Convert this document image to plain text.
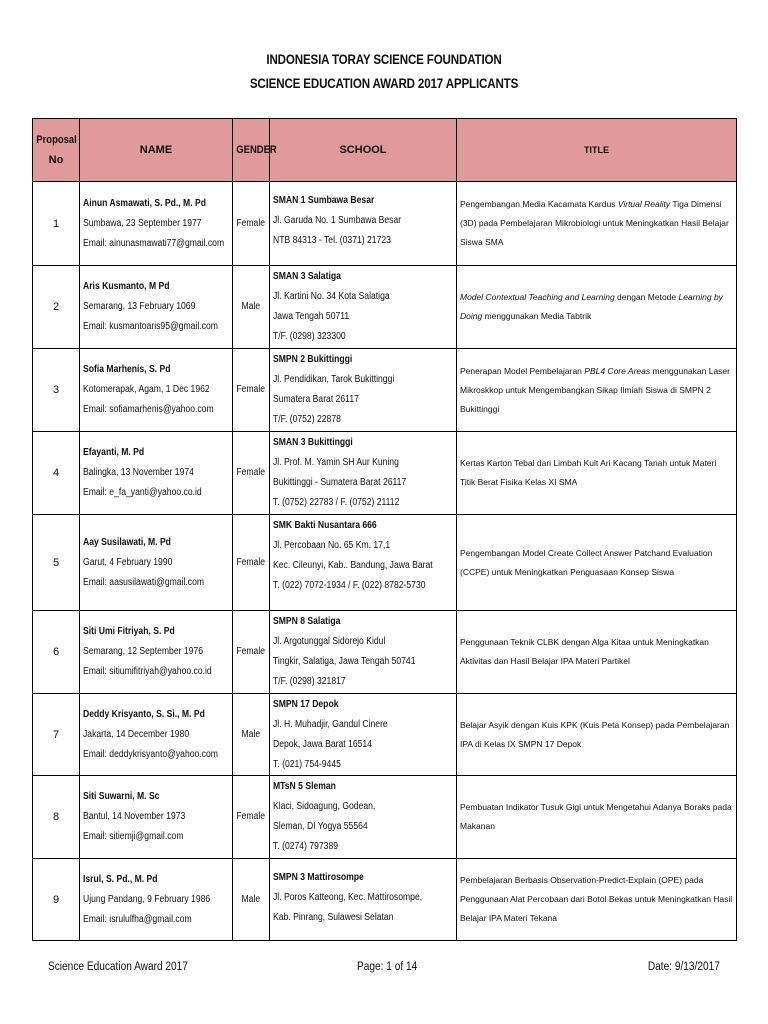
INDONESIA TORAY SCIENCE FOUNDATION
SCIENCE EDUCATION AWARD 2017 APPLICANTS
Proposal
No	NAME	GENDER	SCHOOL	TITLE
1	Ainun Asmawati, S. Pd., M. Pd
Sumbawa, 23 September 1977
Email: ainunasmawati77@gmail.com	Female	SMAN 1 Sumbawa Besar
Jl. Garuda No. 1 Sumbawa Besar
NTB 84313 - Tel. (0371) 21723	Pengembangan Media Kacamata Kardus Virtual Reality Tiga Dimensi (3D) pada Pembelajaran Mikrobiologi untuk Meningkatkan Hasil Belajar Siswa SMA

2	Aris Kusmanto, M Pd
Semarang, 13 February 1069
Email: kusmantoaris95@gmail.com	Male	SMAN 3 Salatiga
Jl. Kartini No. 34 Kota Salatiga
Jawa Tengah 50711
T/F. (0298) 323300	Model Contextual Teaching and Learning dengan Metode Learning by Doing menggunakan Media Tabtrik

3	Sofia Marhenis, S. Pd
Kotomerapak, Agam, 1 Dec 1962
Email: sofiamarhenis@yahoo.com	Female	SMPN 2 Bukittinggi
Jl. Pendidikan, Tarok Bukittinggi
Sumatera Barat 26117
T/F. (0752) 22878	Penerapan Model Pembelajaran PBL4 Core Areas menggunakan Laser Mikroskkop untuk Mengembangkan Sikap Ilmiah Siswa di SMPN 2 Bukittinggi

4	Efayanti, M. Pd
Balingka, 13 November 1974
Email: e_fa_yanti@yahoo.co.id	Female	SMAN 3 Bukittinggi
Jl. Prof. M. Yamin SH Aur Kuning
Bukittinggi - Sumatera Barat 26117
T. (0752) 22783 / F. (0752) 21112	Kertas Karton Tebal dari Limbah Kult Ari Kacang Tanah untuk Materi Titik Berat Fisika Kelas XI SMA

5	Aay Susilawati, M. Pd
Garut, 4 February 1990
Email: aasusilawati@gmail.com	Female	SMK Bakti Nusantara 666
Jl. Percobaan No. 65 Km. 17,1
Kec. Cileunyi, Kab.. Bandung, Jawa Barat
T. (022) 7072-1934 / F. (022) 8782-5730	Pengembangan Model Create Collect Answer Patchand Evaluation (CCPE) untuk Meningkatkan Penguasaan Konsep Siswa

6	Siti Umi Fitriyah, S. Pd
Semarang, 12 September 1976
Email: sitiumifitriyah@yahoo.co.id	Female	SMPN 8 Salatiga
Jl. Argotunggal Sidorejo Kidul
Tingkir, Salatiga, Jawa Tengah 50741
T/F. (0298) 321817	Penggunaan Teknik CLBK dengan Alga Kitaa untuk Meningkatkan Aktivitas dan Hasil Belajar IPA Materi Partikel

7	Deddy Krisyanto, S. Si., M. Pd
Jakarta, 14 December 1980
Email: deddykrisyanto@yahoo.com	Male	SMPN 17 Depok
Jl. H. Muhadjir, Gandul Cinere
Depok, Jawa Barat 16514
T. (021) 754-9445	Belajar Asyik dengan Kuis KPK (Kuis Peta Konsep) pada Pembelajaran IPA di Kelas IX SMPN 17 Depok

8	Siti Suwarni, M. Sc
Bantul, 14 November 1973
Email: sitiemji@gmail.com	Female	MTsN 5 Sleman
Klaci, Sidoagung, Godean,
Sleman, DI Yogya 55564
T. (0274) 797389	Pembuatan Indikator Tusuk Gigi untuk Mengetahui Adanya Boraks pada Makanan

9	Isrul, S. Pd., M. Pd
Ujung Pandang, 9 February 1986
Email: isrululfha@gmail.com	Male	SMPN 3 Mattirosompe
Jl. Poros Katteong, Kec. Mattirosompe,
Kab. Pinrang, Sulawesi Selatan	Pembelajaran Berbasis Observation-Predict-Explain (OPE) pada Penggunaan Alat Percobaan dari Botol Bekas untuk Meningkatkan Hasil Belajar IPA Materi Tekana
Science Education Award 2017	Page: 1 of 14	Date: 9/13/2017
